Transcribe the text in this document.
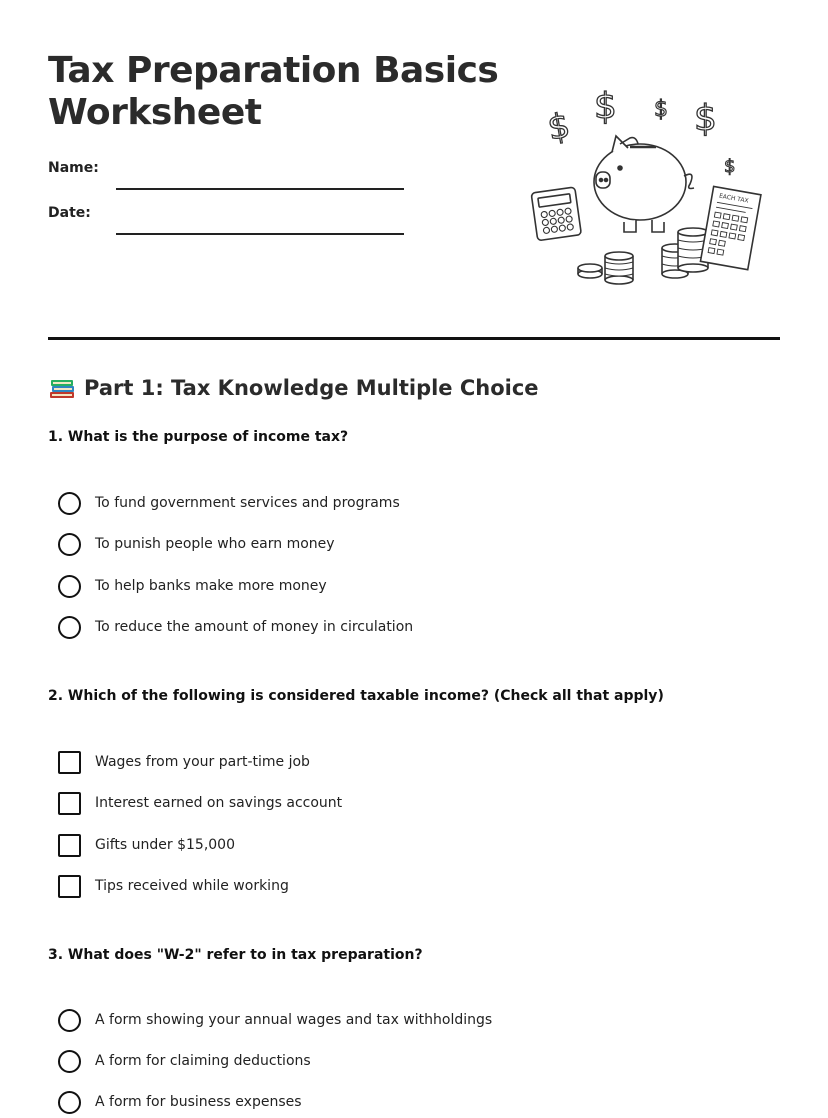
Tax Preparation Basics
Worksheet
Name:
Date:
$ $ $ $
$
EACH TAX
Part 1: Tax Knowledge Multiple Choice
1. What is the purpose of income tax?
To fund government services and programs
To punish people who earn money
To help banks make more money
To reduce the amount of money in circulation
2. Which of the following is considered taxable income? (Check all that apply)
Wages from your part-time job
Interest earned on savings account
Gifts under $15,000
Tips received while working
3. What does "W-2" refer to in tax preparation?
A form showing your annual wages and tax withholdings
A form for claiming deductions
A form for business expenses
